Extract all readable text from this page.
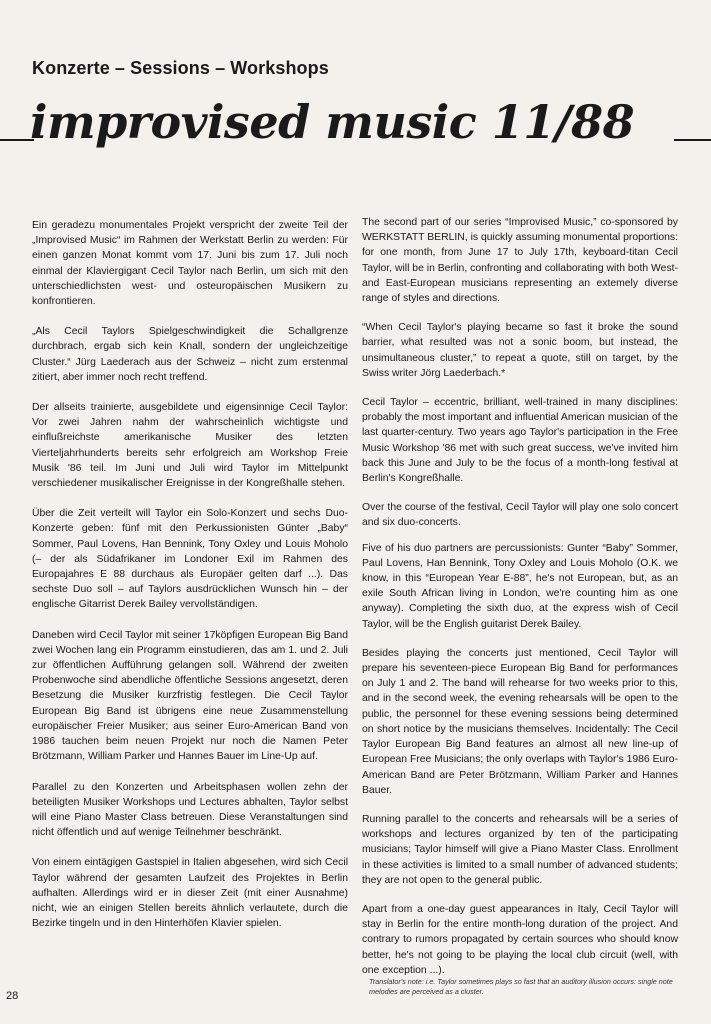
Konzerte – Sessions – Workshops
improvised music 11/88

Ein geradezu monumentales Projekt verspricht der zweite Teil der „Improvised Music“ im Rahmen der Werkstatt Berlin zu werden: Für einen ganzen Monat kommt vom 17. Juni bis zum 17. Juli noch einmal der Klaviergigant Cecil Taylor nach Berlin, um sich mit den unterschiedlichsten west- und osteuropäischen Musikern zu konfrontieren.

„Als Cecil Taylors Spielgeschwindigkeit die Schallgrenze durchbrach, ergab sich kein Knall, sondern der ungleichzeitige Cluster.“ Jürg Laederach aus der Schweiz – nicht zum erstenmal zitiert, aber immer noch recht treffend.

Der allseits trainierte, ausgebildete und eigensinnige Cecil Taylor: Vor zwei Jahren nahm der wahrscheinlich wichtigste und einflußreichste amerikanische Musiker des letzten Vierteljahrhunderts bereits sehr erfolgreich am Workshop Freie Musik '86 teil. Im Juni und Juli wird Taylor im Mittelpunkt verschiedener musikalischer Ereignisse in der Kongreßhalle stehen.

Über die Zeit verteilt will Taylor ein Solo-Konzert und sechs Duo-Konzerte geben: fünf mit den Perkussionisten Günter „Baby“ Sommer, Paul Lovens, Han Bennink, Tony Oxley und Louis Moholo (– der als Südafrikaner im Londoner Exil im Rahmen des Europajahres E 88 durchaus als Europäer gelten darf ...). Das sechste Duo soll – auf Taylors ausdrücklichen Wunsch hin – der englische Gitarrist Derek Bailey vervollständigen.

Daneben wird Cecil Taylor mit seiner 17köpfigen European Big Band zwei Wochen lang ein Programm einstudieren, das am 1. und 2. Juli zur öffentlichen Aufführung gelangen soll. Während der zweiten Probenwoche sind abendliche öffentliche Sessions angesetzt, deren Besetzung die Musiker kurzfristig festlegen. Die Cecil Taylor European Big Band ist übrigens eine neue Zusammenstellung europäischer Freier Musiker; aus seiner Euro-American Band von 1986 tauchen beim neuen Projekt nur noch die Namen Peter Brötzmann, William Parker und Hannes Bauer im Line-Up auf.

Parallel zu den Konzerten und Arbeitsphasen wollen zehn der beteiligten Musiker Workshops und Lectures abhalten, Taylor selbst will eine Piano Master Class betreuen. Diese Veranstaltungen sind nicht öffentlich und auf wenige Teilnehmer beschränkt.

Von einem eintägigen Gastspiel in Italien abgesehen, wird sich Cecil Taylor während der gesamten Laufzeit des Projektes in Berlin aufhalten. Allerdings wird er in dieser Zeit (mit einer Ausnahme) nicht, wie an einigen Stellen bereits ähnlich verlautete, durch die Bezirke tingeln und in den Hinterhöfen Klavier spielen.

The second part of our series “Improvised Music,” co-sponsored by WERKSTATT BERLIN, is quickly assuming monumental proportions: for one month, from June 17 to July 17th, keyboard-titan Cecil Taylor, will be in Berlin, confronting and collaborating with both West- and East-European musicians representing an extemely diverse range of styles and directions.

“When Cecil Taylor's playing became so fast it broke the sound barrier, what resulted was not a sonic boom, but instead, the unsimultaneous cluster,” to repeat a quote, still on target, by the Swiss writer Jörg Laederbach.*

Cecil Taylor – eccentric, brilliant, well-trained in many disciplines: probably the most important and influential American musician of the last quarter-century. Two years ago Taylor's participation in the Free Music Workshop '86 met with such great success, we've invited him back this June and July to be the focus of a month-long festival at Berlin's Kongreßhalle.

Over the course of the festival, Cecil Taylor will play one solo concert and six duo-concerts.

Five of his duo partners are percussionists: Gunter “Baby” Sommer, Paul Lovens, Han Bennink, Tony Oxley and Louis Moholo (O.K. we know, in this “European Year E-88”, he's not European, but, as an exile South African living in London, we're counting him as one anyway). Completing the sixth duo, at the express wish of Cecil Taylor, will be the English guitarist Derek Bailey.

Besides playing the concerts just mentioned, Cecil Taylor will prepare his seventeen-piece European Big Band for performances on July 1 and 2. The band will rehearse for two weeks prior to this, and in the second week, the evening rehearsals will be open to the public, the personnel for these evening sessions being determined on short notice by the musicians themselves. Incidentally: The Cecil Taylor European Big Band features an almost all new line-up of European Free Musicians; the only overlaps with Taylor's 1986 Euro-American Band are Peter Brötzmann, William Parker and Hannes Bauer.

Running parallel to the concerts and rehearsals will be a series of workshops and lectures organized by ten of the participating musicians; Taylor himself will give a Piano Master Class. Enrollment in these activities is limited to a small number of advanced students; they are not open to the general public.

Apart from a one-day guest appearances in Italy, Cecil Taylor will stay in Berlin for the entire month-long duration of the project. And contrary to rumors propagated by certain sources who should know better, he's not going to be playing the local club circuit (well, with one exception ...).

Translator's note: i.e. Taylor sometimes plays so fast that an auditory illusion occurs: single note melodies are perceived as a cluster.
28
